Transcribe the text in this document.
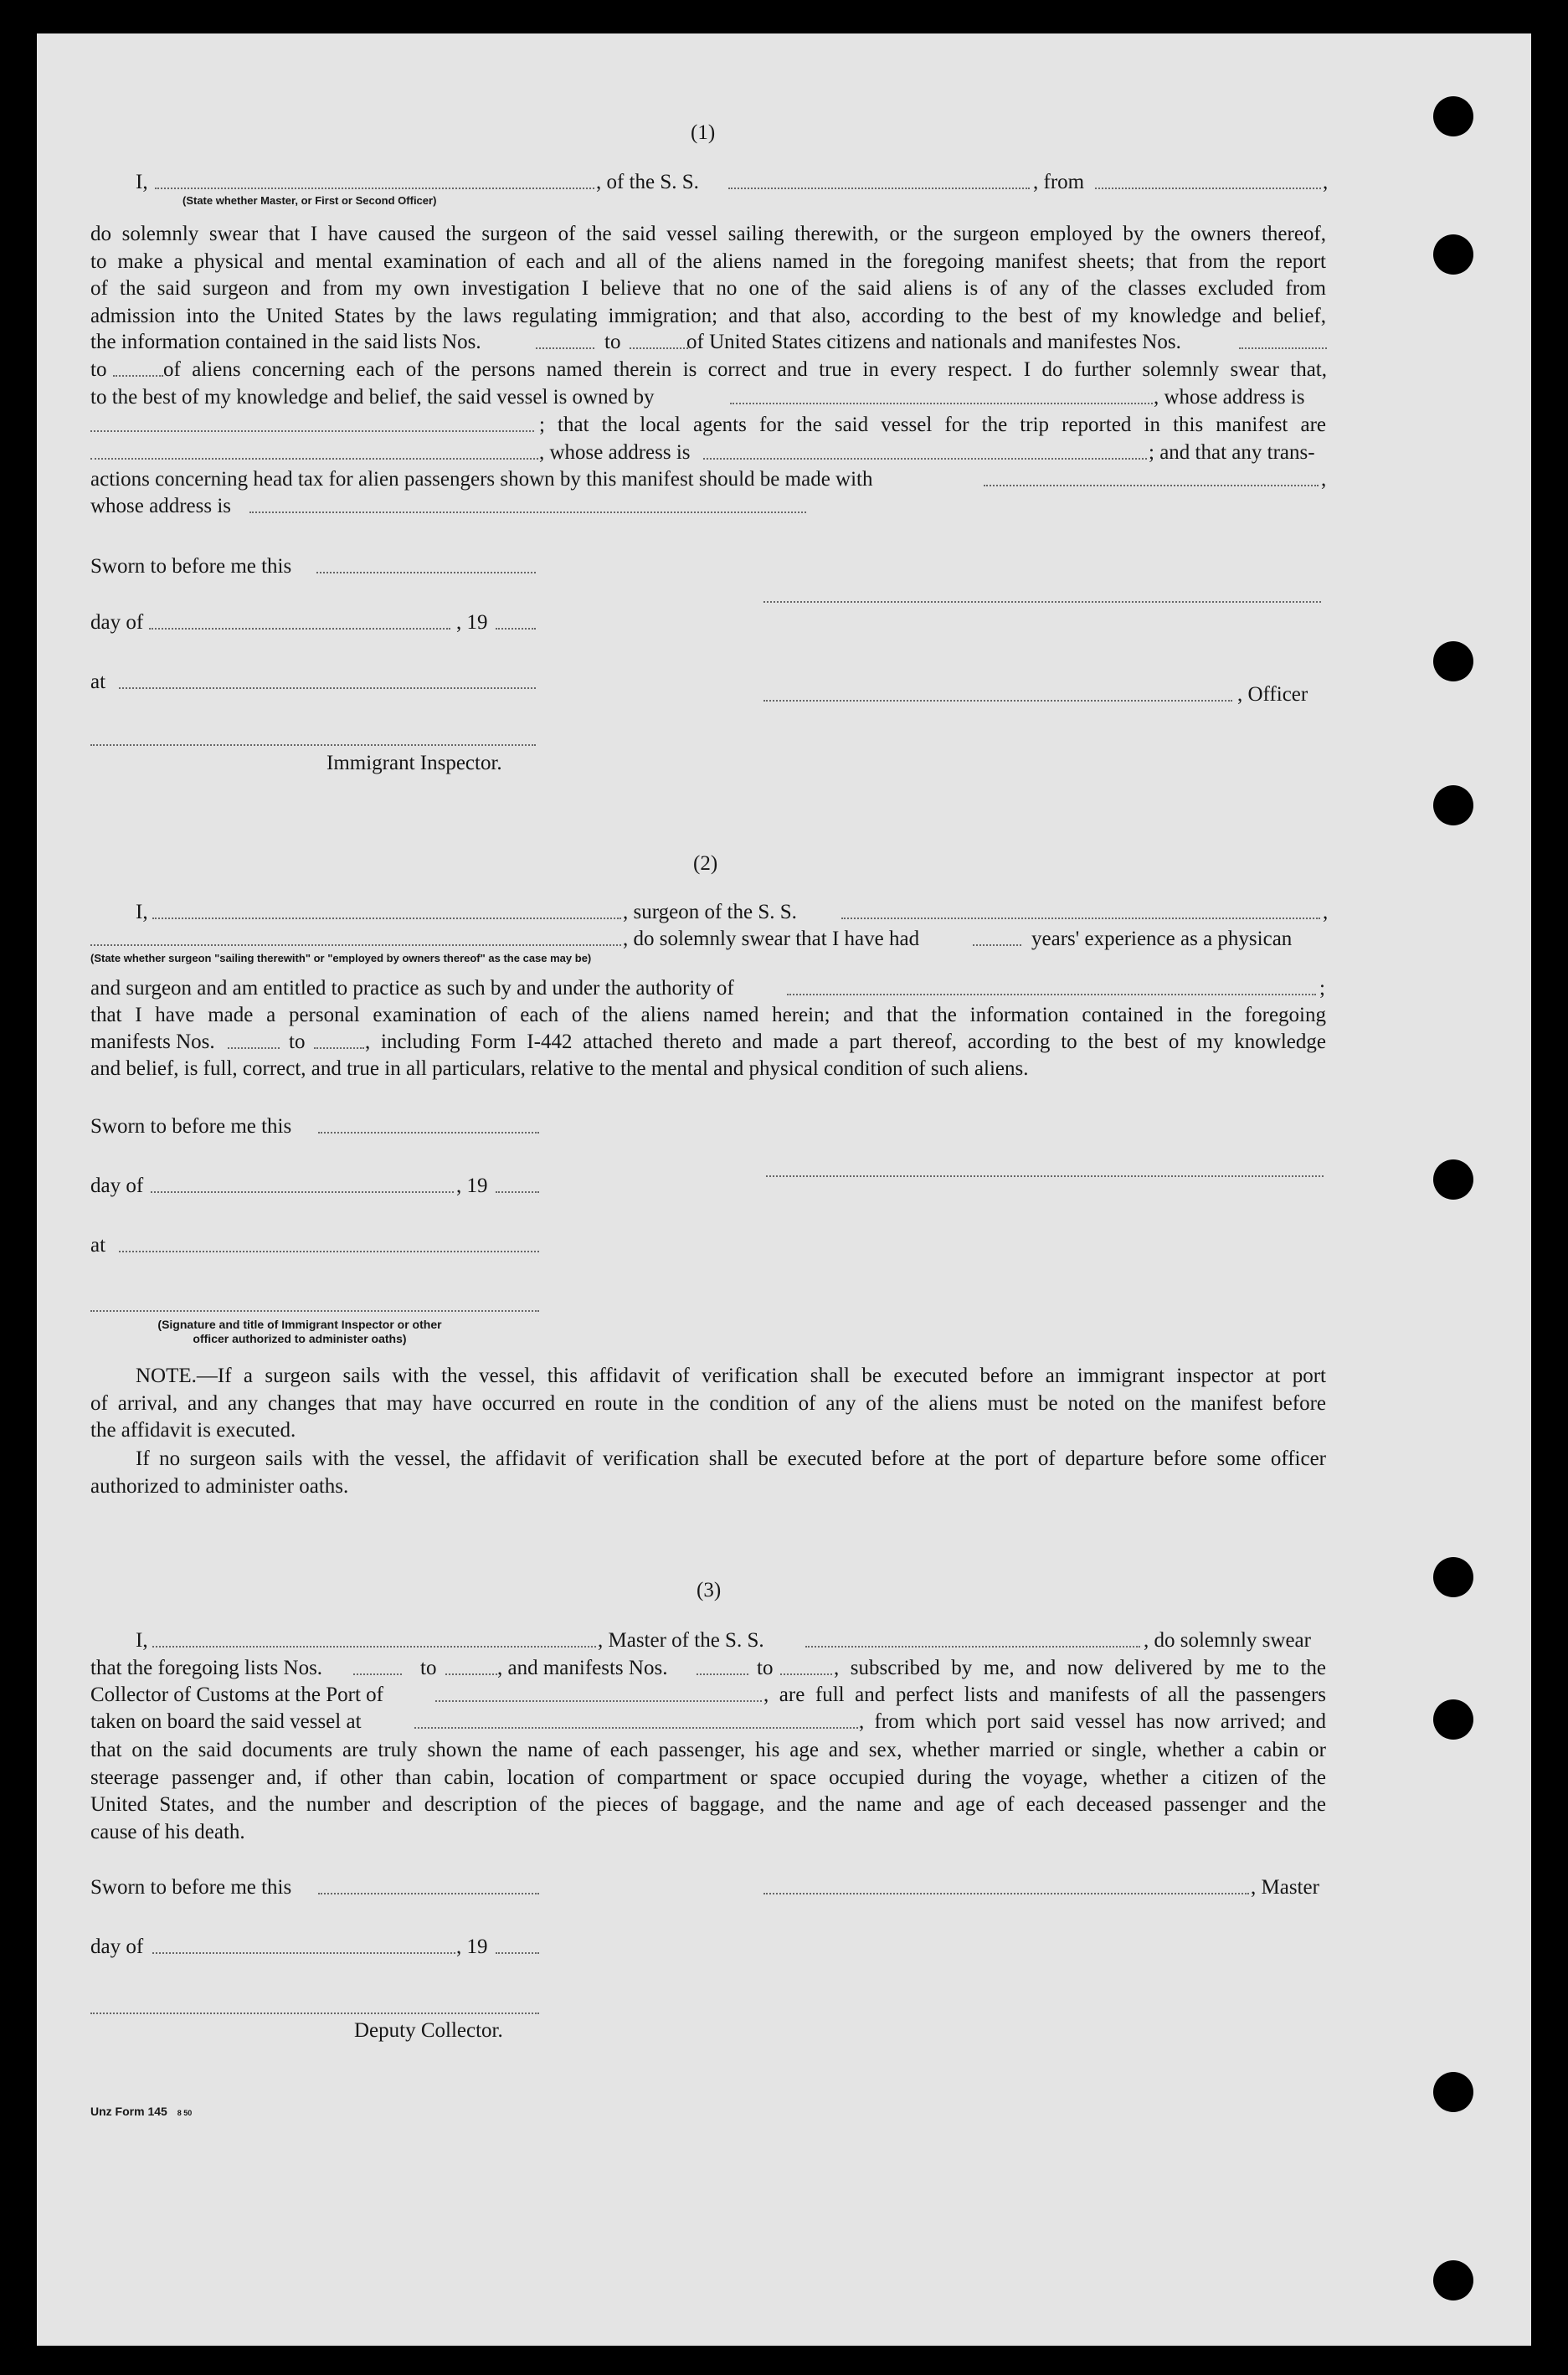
(1)
I,	, of the S. S.	, from	,
(State whether Master, or First or Second Officer)
do solemnly swear that I have caused the surgeon of the said vessel sailing therewith, or the surgeon employed by the owners thereof,
to make a physical and mental examination of each and all of the aliens named in the foregoing manifest sheets; that from the report
of the said surgeon and from my own investigation I believe that no one of the said aliens is of any of the classes excluded from
admission into the United States by the laws regulating immigration; and that also, according to the best of my knowledge and belief,
the information contained in the said lists Nos.	to	of United States citizens and nationals and manifestes Nos.
to	of aliens concerning each of the persons named therein is correct and true in every respect. I do further solemnly swear that,
to the best of my knowledge and belief, the said vessel is owned by	, whose address is
; that the local agents for the said vessel for the trip reported in this manifest are
, whose address is	; and that any trans-
actions concerning head tax for alien passengers shown by this manifest should be made with	,
whose address is
Sworn to before me this
day of	, 19
at
, Officer
Immigrant Inspector.
(2)
I,	, surgeon of the S. S.	,
, do solemnly swear that I have had	years' experience as a physican
(State whether surgeon "sailing therewith" or "employed by owners thereof" as the case may be)
and surgeon and am entitled to practice as such by and under the authority of	;
that I have made a personal examination of each of the aliens named herein; and that the information contained in the foregoing
manifests Nos.	to	, including Form I-442 attached thereto and made a part thereof, according to the best of my knowledge
and belief, is full, correct, and true in all particulars, relative to the mental and physical condition of such aliens.
Sworn to before me this
day of	, 19
at
(Signature and title of Immigrant Inspector or other
officer authorized to administer oaths)
NOTE.—If a surgeon sails with the vessel, this affidavit of verification shall be executed before an immigrant inspector at port
of arrival, and any changes that may have occurred en route in the condition of any of the aliens must be noted on the manifest before
the affidavit is executed.
If no surgeon sails with the vessel, the affidavit of verification shall be executed before at the port of departure before some officer
authorized to administer oaths.
(3)
I,	, Master of the S. S.	, do solemnly swear
that the foregoing lists Nos.	to	, and manifests Nos.	to	, subscribed by me, and now delivered by me to the
Collector of Customs at the Port of	, are full and perfect lists and manifests of all the passengers
taken on board the said vessel at	, from which port said vessel has now arrived; and
that on the said documents are truly shown the name of each passenger, his age and sex, whether married or single, whether a cabin or
steerage passenger and, if other than cabin, location of compartment or space occupied during the voyage, whether a citizen of the
United States, and the number and description of the pieces of baggage, and the name and age of each deceased passenger and the
cause of his death.
Sworn to before me this	, Master
day of	, 19
Deputy Collector.
Unz Form 145 8 50
